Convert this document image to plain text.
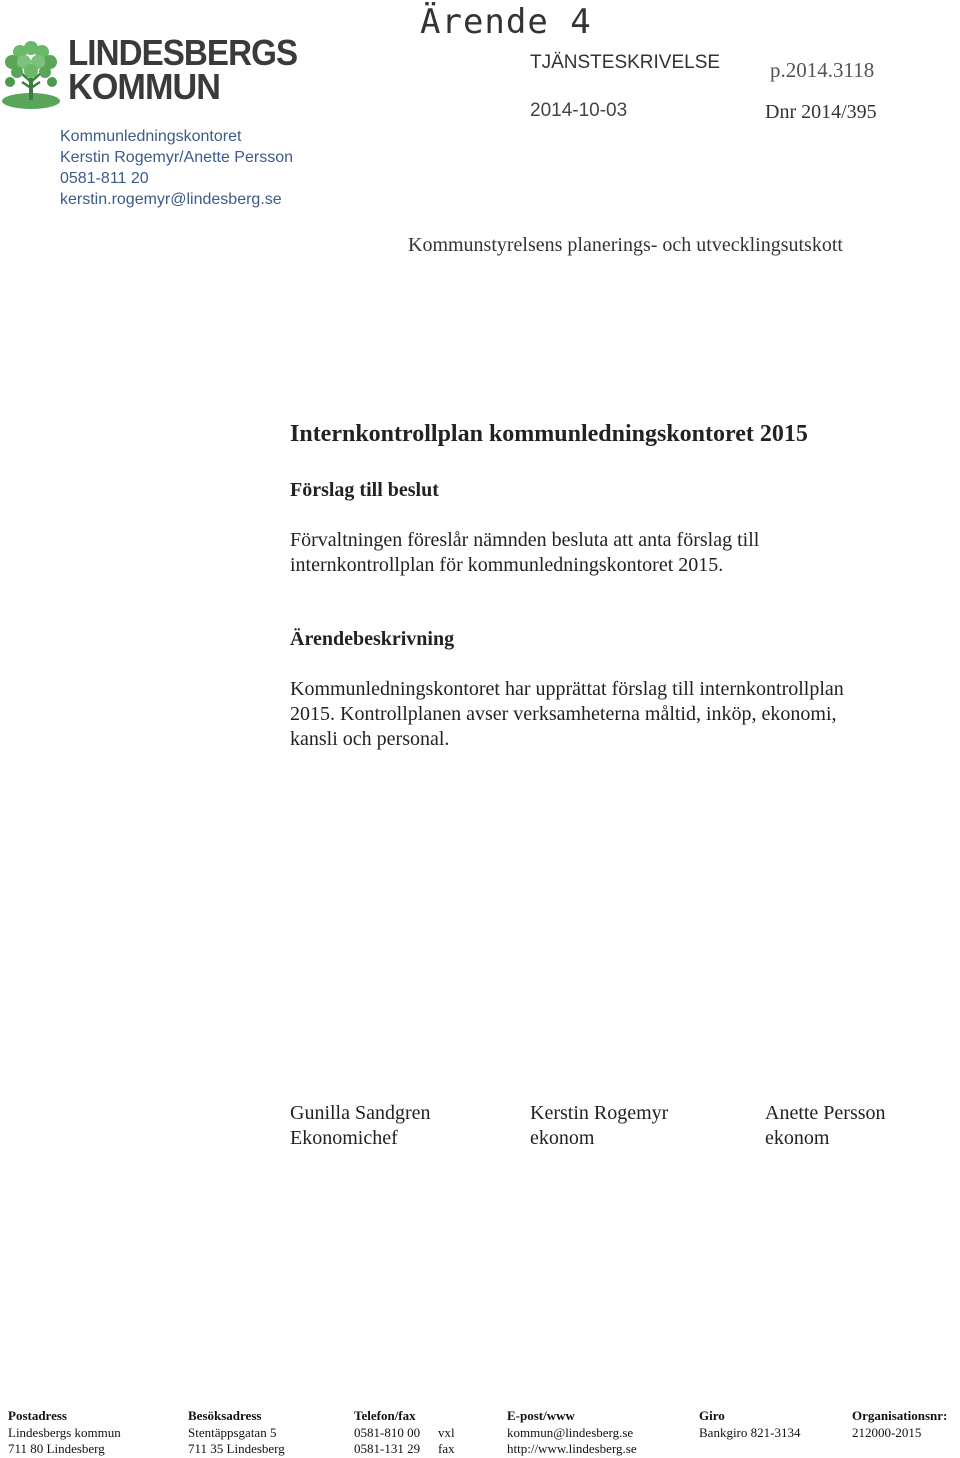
LINDESBERGS
KOMMUN
Kommunledningskontoret
Kerstin Rogemyr/Anette Persson
0581-811 20
kerstin.rogemyr@lindesberg.se
Ärende 4
TJÄNSTESKRIVELSE p.2014.3118
2014-10-03	Dnr 2014/395
Kommunstyrelsens planerings- och utvecklingsutskott
Internkontrollplan kommunledningskontoret 2015
Förslag till beslut
Förvaltningen föreslår nämnden besluta att anta förslag till
internkontrollplan för kommunledningskontoret 2015.
Ärendebeskrivning
Kommunledningskontoret har upprättat förslag till internkontrollplan
2015. Kontrollplanen avser verksamheterna måltid, inköp, ekonomi,
kansli och personal.
Gunilla Sandgren
Ekonomichef
Kerstin Rogemyr
ekonom
Anette Persson
ekonom
Postadress
Lindesbergs kommun
711 80 Lindesberg
Besöksadress
Stentäppsgatan 5
711 35 Lindesberg
Telefon/fax
0581-810 00 vxl
0581-131 29 fax
E-post/www
kommun@lindesberg.se
http://www.lindesberg.se
Giro
Bankgiro 821-3134
Organisationsnr:
212000-2015
